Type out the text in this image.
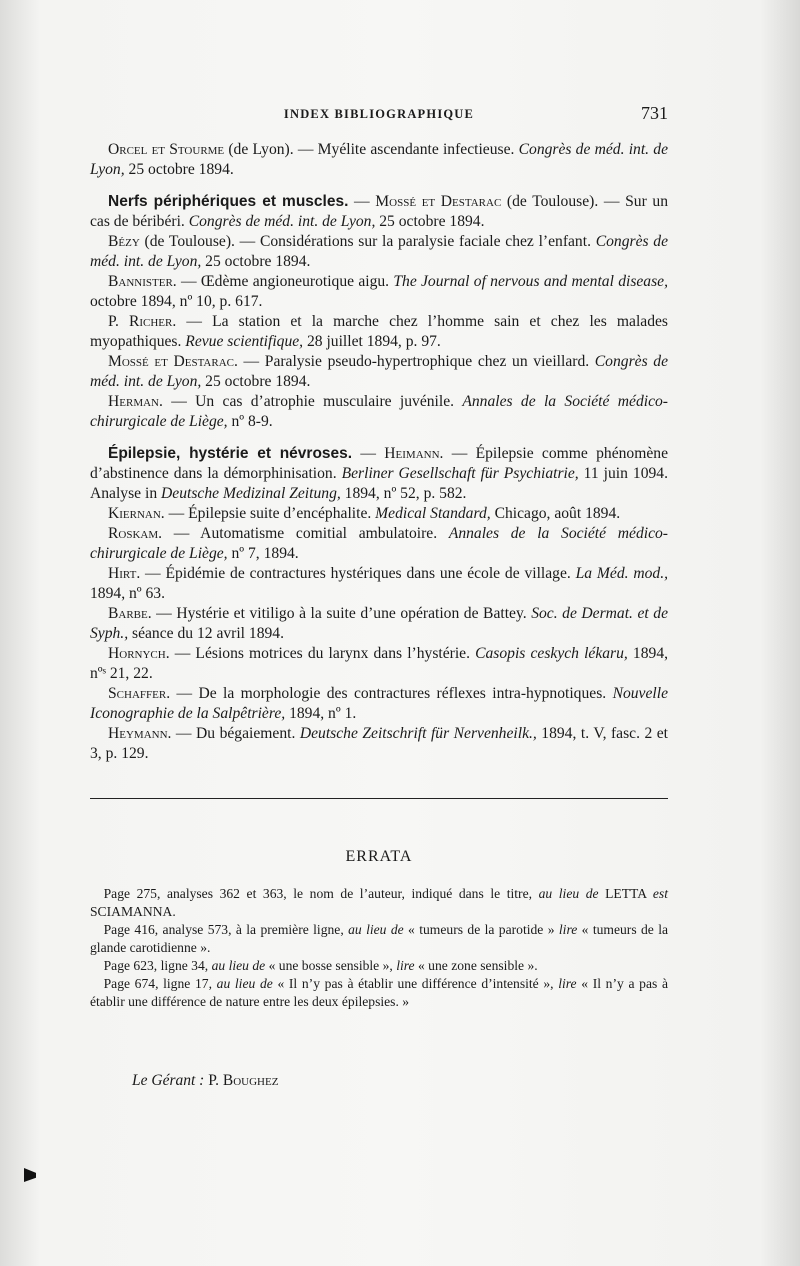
INDEX BIBLIOGRAPHIQUE	731

Orcel et Stourme (de Lyon). — Myélite ascendante infectieuse. Congrès de méd. int. de Lyon, 25 octobre 1894.

Nerfs périphériques et muscles. — Mossé et Destarac (de Toulouse). — Sur un cas de béribéri. Congrès de méd. int. de Lyon, 25 octobre 1894.

Bézy (de Toulouse). — Considérations sur la paralysie faciale chez l’enfant. Congrès de méd. int. de Lyon, 25 octobre 1894.

Bannister. — Œdème angioneurotique aigu. The Journal of nervous and mental disease, octobre 1894, nº 10, p. 617.

P. Richer. — La station et la marche chez l’homme sain et chez les malades myopathiques. Revue scientifique, 28 juillet 1894, p. 97.

Mossé et Destarac. — Paralysie pseudo-hypertrophique chez un vieillard. Congrès de méd. int. de Lyon, 25 octobre 1894.

Herman. — Un cas d’atrophie musculaire juvénile. Annales de la Société médico-chirurgicale de Liège, nº 8-9.

Épilepsie, hystérie et névroses. — Heimann. — Épilepsie comme phénomène d’abstinence dans la démorphinisation. Berliner Gesellschaft für Psychiatrie, 11 juin 1094. Analyse in Deutsche Medizinal Zeitung, 1894, nº 52, p. 582.

Kiernan. — Épilepsie suite d’encéphalite. Medical Standard, Chicago, août 1894.

Roskam. — Automatisme comitial ambulatoire. Annales de la Société médico-chirurgicale de Liège, nº 7, 1894.

Hirt. — Épidémie de contractures hystériques dans une école de village. La Méd. mod., 1894, nº 63.

Barbe. — Hystérie et vitiligo à la suite d’une opération de Battey. Soc. de Dermat. et de Syph., séance du 12 avril 1894.

Hornych. — Lésions motrices du larynx dans l’hystérie. Casopis ceskych lékaru, 1894, nºˢ 21, 22.

Schaffer. — De la morphologie des contractures réflexes intra-hypnotiques. Nouvelle Iconographie de la Salpêtrière, 1894, nº 1.

Heymann. — Du bégaiement. Deutsche Zeitschrift für Nervenheilk., 1894, t. V, fasc. 2 et 3, p. 129.

ERRATA

 Page 275, analyses 362 et 363, le nom de l’auteur, indiqué dans le titre, au lieu de LETTA est SCIAMANNA.

 Page 416, analyse 573, à la première ligne, au lieu de « tumeurs de la parotide » lire « tumeurs de la glande carotidienne ».

 Page 623, ligne 34, au lieu de « une bosse sensible », lire « une zone sensible ».

 Page 674, ligne 17, au lieu de « Il n’y pas à établir une différence d’intensité », lire « Il n’y a pas à établir une différence de nature entre les deux épilepsies. »

Le Gérant : P. Boughez
